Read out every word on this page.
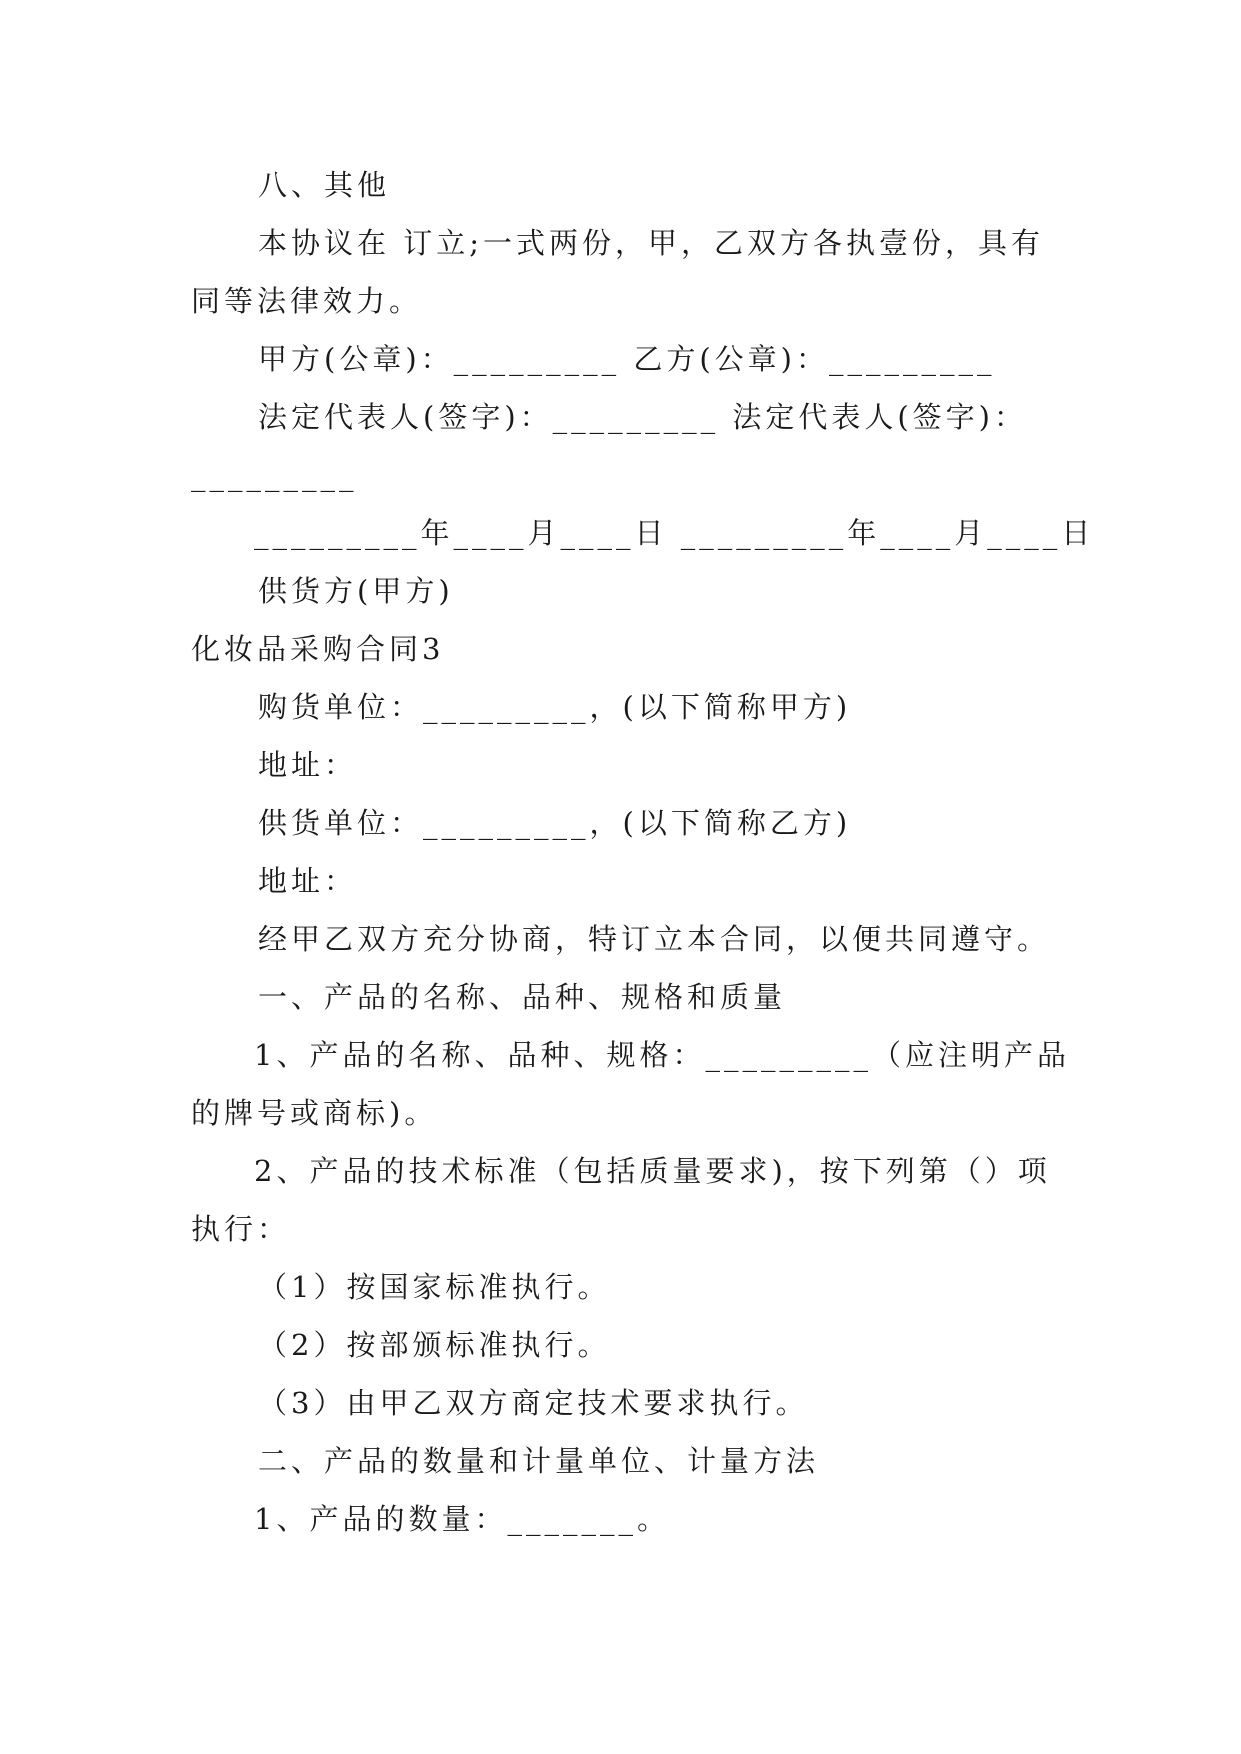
八、其他
本协议在 订立;一式两份，甲，乙双方各执壹份，具有
同等法律效力。
甲方(公章)：_________ 乙方(公章)：_________
法定代表人(签字)：_________ 法定代表人(签字)：
_________
_________年____月____日 _________年____月____日
供货方(甲方)
化妆品采购合同3
购货单位：_________，(以下简称甲方)
地址：
供货单位：_________，(以下简称乙方)
地址：
经甲乙双方充分协商，特订立本合同，以便共同遵守。
一、产品的名称、品种、规格和质量
1、产品的名称、品种、规格：_________（应注明产品
的牌号或商标)。
2、产品的技术标准（包括质量要求)，按下列第（）项
执行：
（1）按国家标准执行。
（2）按部颁标准执行。
（3）由甲乙双方商定技术要求执行。
二、产品的数量和计量单位、计量方法
1、产品的数量：_______。
